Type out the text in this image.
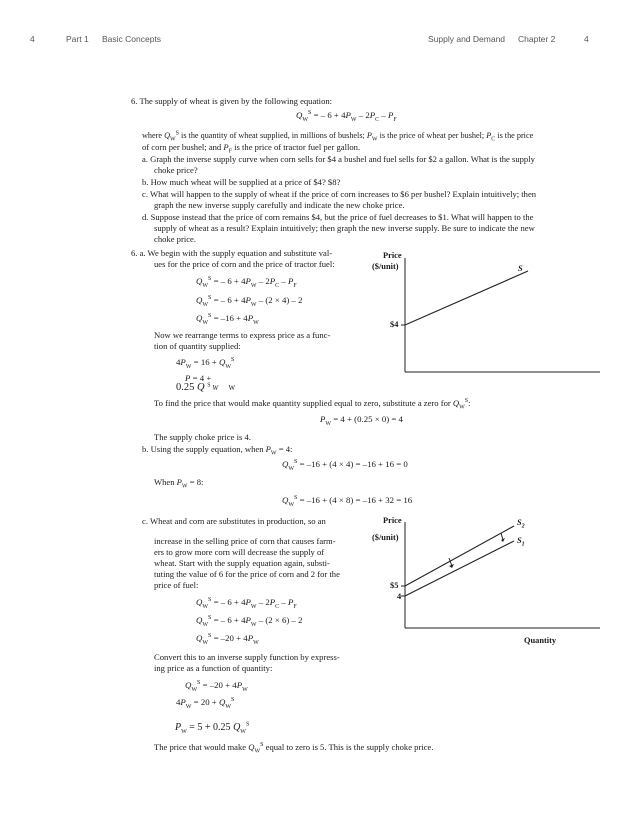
4	Part 1 Basic Concepts	Supply and Demand Chapter 2	4
6. The supply of wheat is given by the following equation:
$Q_W^S$ = – $6 + 4P_W - 2P_C - P_F$
where $Q_W^S$ is the quantity of wheat supplied, in millions of bushels; $P_W$ is the price of wheat per bushel; $P_C$ is the price
of corn per bushel; and $P_F$ is the price of tractor fuel per gallon.
a. Graph the inverse supply curve when corn sells for $4 a bushel and fuel sells for $2 a gallon. What is the supply
choke price?
b. How much wheat will be supplied at a price of $4? $8?
c. What will happen to the supply of wheat if the price of corn increases to $6 per bushel? Explain intuitively; then
graph the new inverse supply carefully and indicate the new choke price.
d. Suppose instead that the price of corn remains $4, but the price of fuel decreases to $1. What will happen to the
supply of wheat as a result? Explain intuitively; then graph the new inverse supply. Be sure to indicate the new
choke price.
6. a. We begin with the supply equation and substitute val-
ues for the price of corn and the price of tractor fuel:
$Q_W^S$ = – $6 + 4P_W - 2P_C - P_F$
$Q_W^S$ = – $6 + 4P_W - (2 \times 4) - 2$
$Q_W^S = -16 + 4P_W$
Now we rearrange terms to express price as a func-
tion of quantity supplied:
$4P_W = 16 + Q_W^S$
P = 4 +
0.25 Q $^S$ W      W
To find the price that would make quantity supplied equal to zero, substitute a zero for $Q_W^S$:
$P_W = 4 + (0.25 \times 0) = 4$
The supply choke price is 4.
b. Using the supply equation, when $P_W = 4$:
$Q_W^S = -16 + (4 \times 4) = -16 + 16 = 0$
When $P_W = 8$:
$Q_W^S = -16 + (4 \times 8) = -16 + 32 = 16$
c. Wheat and corn are substitutes in production, so an
increase in the selling price of corn that causes farm-
ers to grow more corn will decrease the supply of
wheat. Start with the supply equation again, substi-
tuting the value of 6 for the price of corn and 2 for the
price of fuel:
$Q_W^S$ = – $6 + 4P_W - 2P_C - P_F$
$Q_W^S$ = – $6 + 4P_W - (2 \times 6) - 2$
$Q_W^S = -20 + 4P_W$
Convert this to an inverse supply function by express-
ing price as a function of quantity:
$Q_W^S = -20 + 4P_W$
$4P_W = 20 + Q_W^S$
$P_W = 5 + 0.25$ $Q_W^S$
The price that would make $Q_W^S$ equal to zero is 5. This is the supply choke price.
Price
($/unit)
$4
S
Price
($/unit)
$5
4
$S_2$
$S_1$
Quantity
